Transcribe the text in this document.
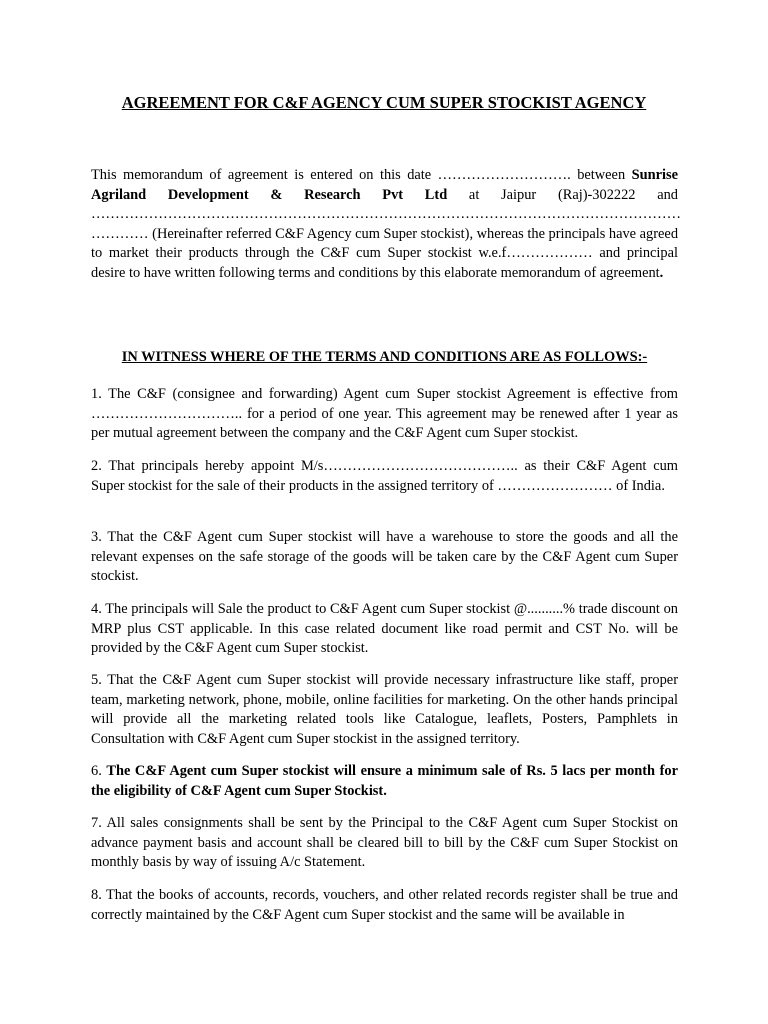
AGREEMENT FOR C&F AGENCY CUM SUPER STOCKIST AGENCY
This memorandum of agreement is entered on this date ………………………. between Sunrise Agriland Development & Research Pvt Ltd at Jaipur (Raj)-302222 and …………………………………………………………………………………………………………… ………… (Hereinafter referred C&F Agency cum Super stockist), whereas the principals have agreed to market their products through the C&F cum Super stockist w.e.f……………… and principal desire to have written following terms and conditions by this elaborate memorandum of agreement.
IN WITNESS WHERE OF THE TERMS AND CONDITIONS ARE AS FOLLOWS:-
1. The C&F (consignee and forwarding) Agent cum Super stockist Agreement is effective from ………………………….. for a period of one year. This agreement may be renewed after 1 year as per mutual agreement between the company and the C&F Agent cum Super stockist.
2. That principals hereby appoint M/s………………………………….. as their C&F Agent cum Super stockist for the sale of their products in the assigned territory of …………………… of India.
3. That the C&F Agent cum Super stockist will have a warehouse to store the goods and all the relevant expenses on the safe storage of the goods will be taken care by the C&F Agent cum Super stockist.
4. The principals will Sale the product to C&F Agent cum Super stockist @..........% trade discount on MRP plus CST applicable. In this case related document like road permit and CST No. will be provided by the C&F Agent cum Super stockist.
5. That the C&F Agent cum Super stockist will provide necessary infrastructure like staff, proper team, marketing network, phone, mobile, online facilities for marketing. On the other hands principal will provide all the marketing related tools like Catalogue, leaflets, Posters, Pamphlets in Consultation with C&F Agent cum Super stockist in the assigned territory.
6. The C&F Agent cum Super stockist will ensure a minimum sale of Rs. 5 lacs per month for the eligibility of C&F Agent cum Super Stockist.
7. All sales consignments shall be sent by the Principal to the C&F Agent cum Super Stockist on advance payment basis and account shall be cleared bill to bill by the C&F cum Super Stockist on monthly basis by way of issuing A/c Statement.
8. That the books of accounts, records, vouchers, and other related records register shall be true and correctly maintained by the C&F Agent cum Super stockist and the same will be available in
